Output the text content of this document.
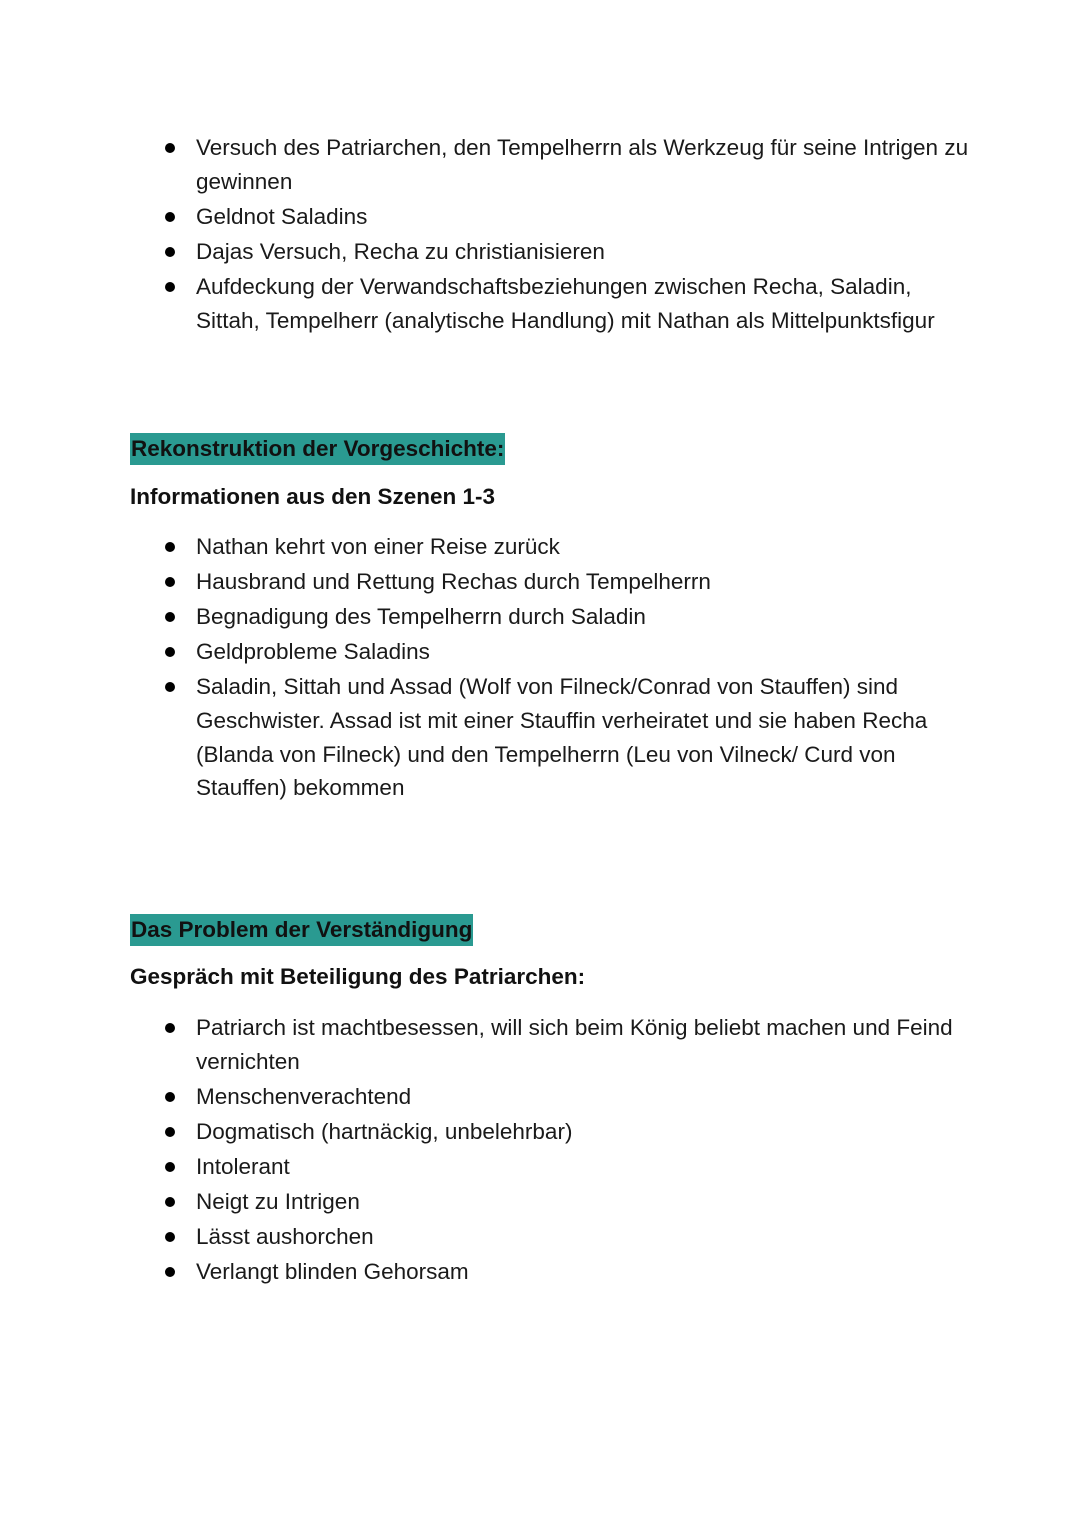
Versuch des Patriarchen, den Tempelherrn als Werkzeug für seine Intrigen zu gewinnen
Geldnot Saladins
Dajas Versuch, Recha zu christianisieren
Aufdeckung der Verwandschaftsbeziehungen zwischen Recha, Saladin, Sittah, Tempelherr (analytische Handlung) mit Nathan als Mittelpunktsfigur
Rekonstruktion der Vorgeschichte:
Informationen aus den Szenen 1-3
Nathan kehrt von einer Reise zurück
Hausbrand und Rettung Rechas durch Tempelherrn
Begnadigung des Tempelherrn durch Saladin
Geldprobleme Saladins
Saladin, Sittah und Assad (Wolf von Filneck/Conrad von Stauffen) sind Geschwister. Assad ist mit einer Stauffin verheiratet und sie haben Recha (Blanda von Filneck) und den Tempelherrn (Leu von Vilneck/ Curd von Stauffen) bekommen
Das Problem der Verständigung
Gespräch mit Beteiligung des Patriarchen:
Patriarch ist machtbesessen, will sich beim König beliebt machen und Feind vernichten
Menschenverachtend
Dogmatisch (hartnäckig, unbelehrbar)
Intolerant
Neigt zu Intrigen
Lässt aushorchen
Verlangt blinden Gehorsam
